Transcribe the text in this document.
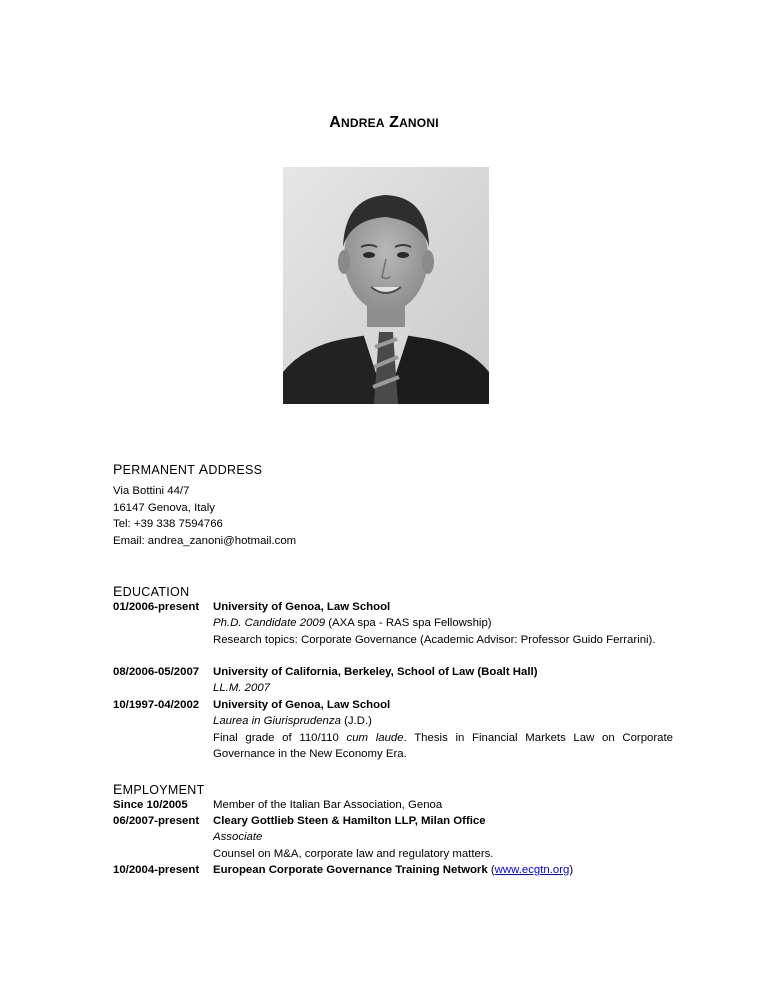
ANDREA ZANONI
PERMANENT ADDRESS
Via Bottini 44/7
16147 Genova, Italy
Tel: +39 338 7594766
Email: andrea_zanoni@hotmail.com
EDUCATION
01/2006-present	University of Genoa, Law School
Ph.D. Candidate 2009 (AXA spa - RAS spa Fellowship)
Research topics: Corporate Governance (Academic Advisor: Professor Guido Ferrarini).
08/2006-05/2007	University of California, Berkeley, School of Law (Boalt Hall)
LL.M. 2007
10/1997-04/2002	University of Genoa, Law School
Laurea in Giurisprudenza (J.D.)
Final grade of 110/110 cum laude. Thesis in Financial Markets Law on Corporate Governance in the New Economy Era.
EMPLOYMENT
Since 10/2005	Member of the Italian Bar Association, Genoa
06/2007-present	Cleary Gottlieb Steen & Hamilton LLP, Milan Office
Associate
Counsel on M&A, corporate law and regulatory matters.
10/2004-present	European Corporate Governance Training Network (www.ecgtn.org)
